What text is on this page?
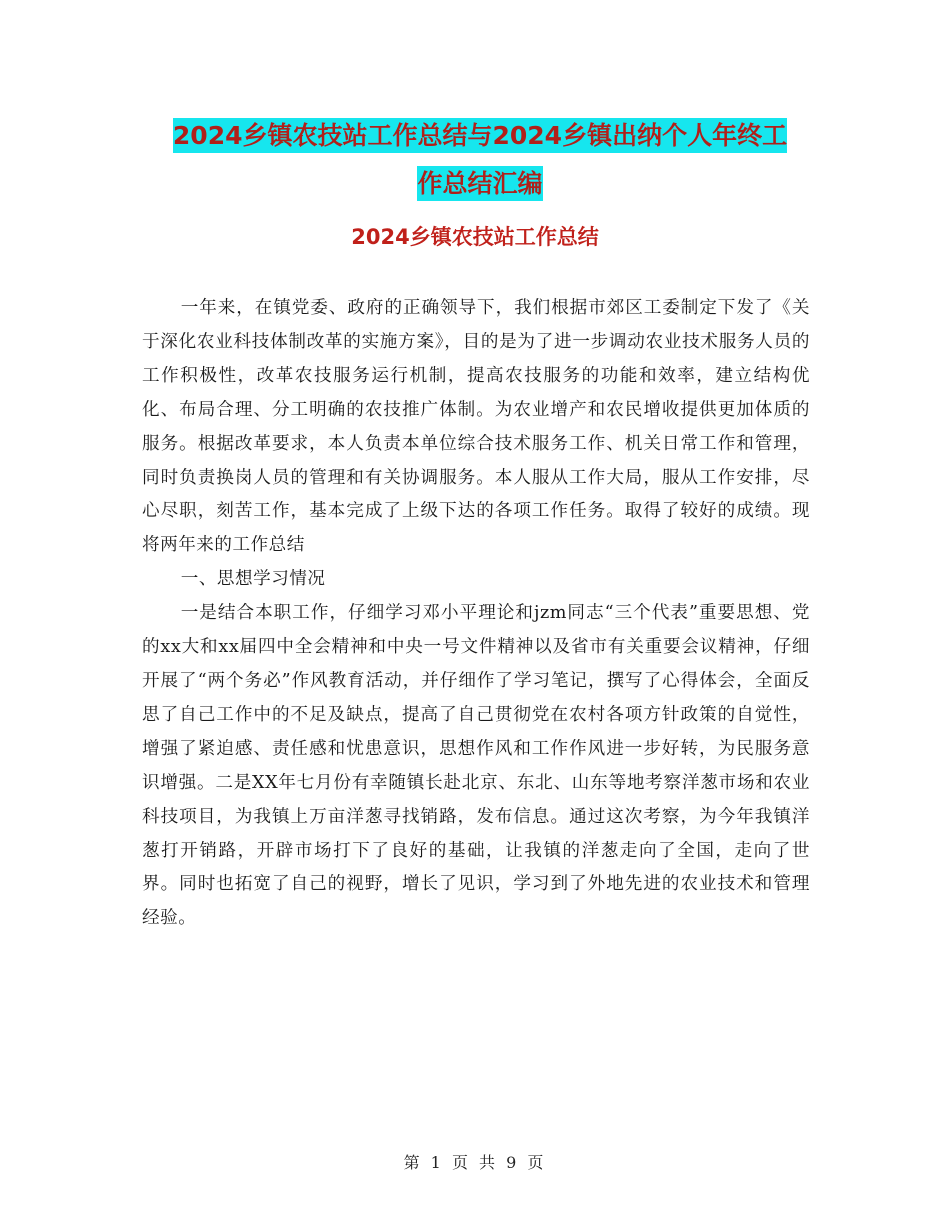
2024乡镇农技站工作总结与2024乡镇出纳个人年终工
作总结汇编
2024乡镇农技站工作总结

一年来，在镇党委、政府的正确领导下，我们根据市郊区工委制定下发了《关于深化农业科技体制改革的实施方案》，目的是为了进一步调动农业技术服务人员的工作积极性，改革农技服务运行机制，提高农技服务的功能和效率，建立结构优化、布局合理、分工明确的农技推广体制。为农业增产和农民增收提供更加体质的服务。根据改革要求，本人负责本单位综合技术服务工作、机关日常工作和管理，同时负责换岗人员的管理和有关协调服务。本人服从工作大局，服从工作安排，尽心尽职，刻苦工作，基本完成了上级下达的各项工作任务。取得了较好的成绩。现将两年来的工作总结

一、思想学习情况

一是结合本职工作，仔细学习邓小平理论和jzm同志“三个代表”重要思想、党的xx大和xx届四中全会精神和中央一号文件精神以及省市有关重要会议精神，仔细开展了“两个务必”作风教育活动，并仔细作了学习笔记，撰写了心得体会，全面反思了自己工作中的不足及缺点，提高了自己贯彻党在农村各项方针政策的自觉性，增强了紧迫感、责任感和忧患意识，思想作风和工作作风进一步好转，为民服务意识增强。二是XX年七月份有幸随镇长赴北京、东北、山东等地考察洋葱市场和农业科技项目，为我镇上万亩洋葱寻找销路，发布信息。通过这次考察，为今年我镇洋葱打开销路，开辟市场打下了良好的基础，让我镇的洋葱走向了全国，走向了世界。同时也拓宽了自己的视野，增长了见识，学习到了外地先进的农业技术和管理经验。

第 1 页 共 9 页
